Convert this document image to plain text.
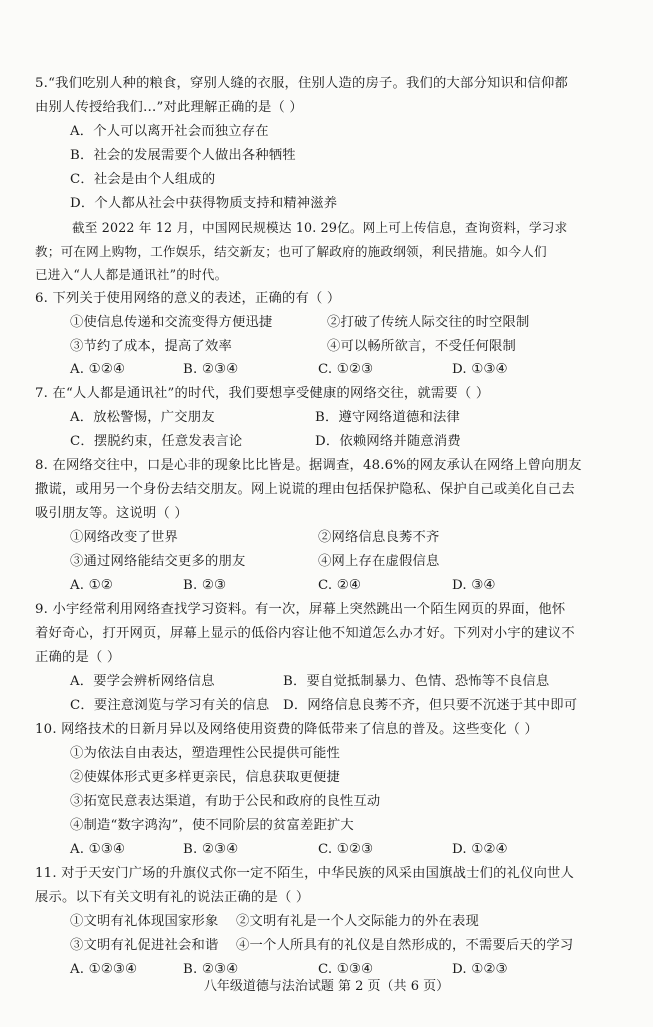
5.“我们吃别人种的粮食，穿别人缝的衣服，住别人造的房子。我们的大部分知识和信仰都
由别人传授给我们…”对此理解正确的是（ ）
A．个人可以离开社会而独立存在
B．社会的发展需要个人做出各种牺牲
C．社会是由个人组成的
D．个人都从社会中获得物质支持和精神滋养
截至 2022 年 12 月，中国网民规模达 10. 29亿。网上可上传信息，查询资料，学习求
教；可在网上购物，工作娱乐，结交新友；也可了解政府的施政纲领，利民措施。如今人们
已进入“人人都是通讯社”的时代。
6. 下列关于使用网络的意义的表述，正确的有（ ）
①使信息传递和交流变得方便迅捷	②打破了传统人际交往的时空限制
③节约了成本，提高了效率	④可以畅所欲言，不受任何限制
A. ①②④	B. ②③④	C. ①②③	D. ①③④
7. 在“人人都是通讯社”的时代，我们要想享受健康的网络交往，就需要（ ）
A．放松警惕，广交朋友	B．遵守网络道德和法律
C．摆脱约束，任意发表言论	D．依赖网络并随意消费
8. 在网络交往中，口是心非的现象比比皆是。据调查，48.6%的网友承认在网络上曾向朋友
撒谎，或用另一个身份去结交朋友。网上说谎的理由包括保护隐私、保护自己或美化自己去
吸引朋友等。这说明（ ）
①网络改变了世界	②网络信息良莠不齐
③通过网络能结交更多的朋友	④网上存在虚假信息
A. ①②	B. ②③	C. ②④	D. ③④
9. 小宇经常利用网络查找学习资料。有一次，屏幕上突然跳出一个陌生网页的界面，他怀
着好奇心，打开网页，屏幕上显示的低俗内容让他不知道怎么办才好。下列对小宇的建议不
正确的是（ ）
A．要学会辨析网络信息	B．要自觉抵制暴力、色情、恐怖等不良信息
C．要注意浏览与学习有关的信息 D．网络信息良莠不齐，但只要不沉迷于其中即可
10. 网络技术的日新月异以及网络使用资费的降低带来了信息的普及。这些变化（ ）
①为依法自由表达，塑造理性公民提供可能性
②使媒体形式更多样更亲民，信息获取更便捷
③拓宽民意表达渠道，有助于公民和政府的良性互动
④制造“数字鸿沟”，使不同阶层的贫富差距扩大
A. ①③④	B. ②③④	C. ①②③	D. ①②④
11. 对于天安门广场的升旗仪式你一定不陌生，中华民族的风采由国旗战士们的礼仪向世人
展示。以下有关文明有礼的说法正确的是（ ）
①文明有礼体现国家形象 ②文明有礼是一个人交际能力的外在表现
③文明有礼促进社会和谐 ④一个人所具有的礼仪是自然形成的，不需要后天的学习
A. ①②③④	B. ②③④	C. ①③④	D. ①②③
八年级道德与法治试题 第 2 页（共 6 页）
